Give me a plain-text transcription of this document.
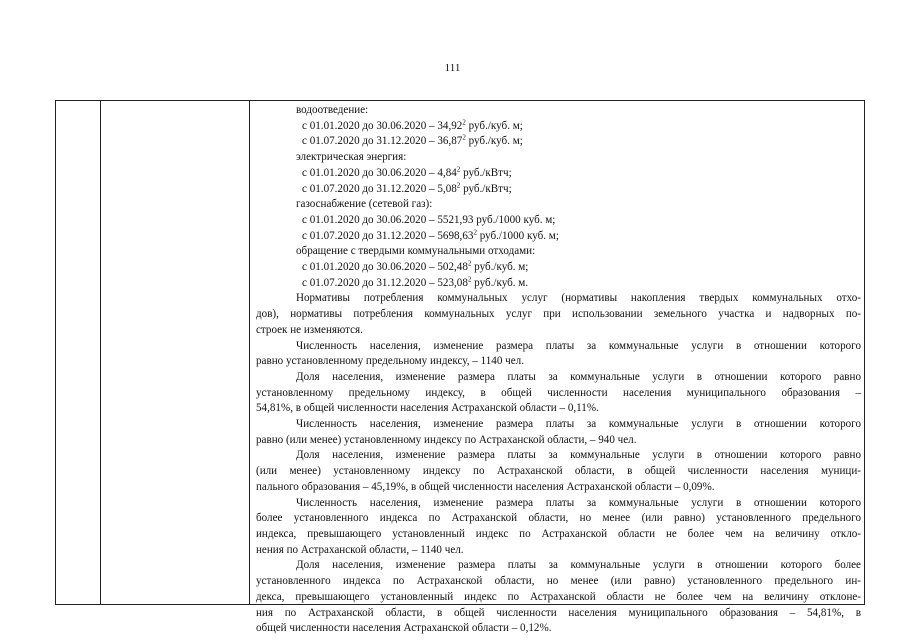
111
водоотведение:
с 01.01.2020 до 30.06.2020 – 34,92$^2$ руб./куб. м;
с 01.07.2020 до 31.12.2020 – 36,87$^2$ руб./куб. м;
электрическая энергия:
с 01.01.2020 до 30.06.2020 – 4,84$^2$ руб./кВтч;
с 01.07.2020 до 31.12.2020 – 5,08$^2$ руб./кВтч;
газоснабжение (сетевой газ):
с 01.01.2020 до 30.06.2020 – 5521,93 руб./1000 куб. м;
с 01.07.2020 до 31.12.2020 – 5698,63$^2$ руб./1000 куб. м;
обращение с твердыми коммунальными отходами:
с 01.01.2020 до 30.06.2020 – 502,48$^2$ руб./куб. м;
с 01.07.2020 до 31.12.2020 – 523,08$^2$ руб./куб. м.
Нормативы потребления коммунальных услуг (нормативы накопления твердых коммунальных отхо-
дов), нормативы потребления коммунальных услуг при использовании земельного участка и надворных по-
строек не изменяются.
Численность населения, изменение размера платы за коммунальные услуги в отношении которого
равно установленному предельному индексу, – 1140 чел.
Доля населения, изменение размера платы за коммунальные услуги в отношении которого равно
установленному предельному индексу, в общей численности населения муниципального образования –
54,81%, в общей численности населения Астраханской области – 0,11%.
Численность населения, изменение размера платы за коммунальные услуги в отношении которого
равно (или менее) установленному индексу по Астраханской области, – 940 чел.
Доля населения, изменение размера платы за коммунальные услуги в отношении которого равно
(или менее) установленному индексу по Астраханской области, в общей численности населения муници-
пального образования – 45,19%, в общей численности населения Астраханской области – 0,09%.
Численность населения, изменение размера платы за коммунальные услуги в отношении которого
более установленного индекса по Астраханской области, но менее (или равно) установленного предельного
индекса, превышающего установленный индекс по Астраханской области не более чем на величину откло-
нения по Астраханской области, – 1140 чел.
Доля населения, изменение размера платы за коммунальные услуги в отношении которого более
установленного индекса по Астраханской области, но менее (или равно) установленного предельного ин-
декса, превышающего установленный индекс по Астраханской области не более чем на величину отклоне-
ния по Астраханской области, в общей численности населения муниципального образования – 54,81%, в
общей численности населения Астраханской области – 0,12%.
